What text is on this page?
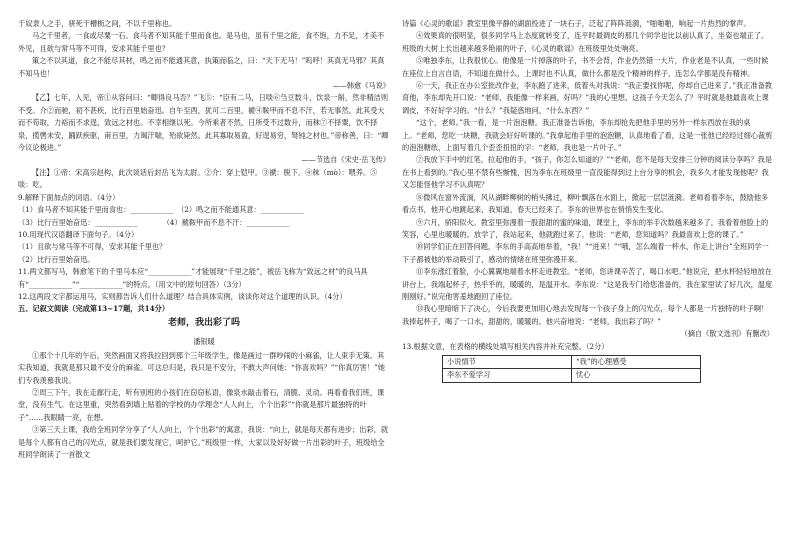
于奴隶人之手，骈死于槽枥之间，不以千里称也。

马之千里者，一食或尽粟一石。食马者不知其能千里而食也。是马也，虽有千里之能，食不饱，力不足，才美不外见，且欲与常马等不可得，安求其能千里也？

策之不以其道，食之不能尽其材，鸣之而不能通其意，执策而临之，曰：“天下无马！”呜呼！其真无马邪？其真不知马也！

——韩愈《马说》

【乙】七年，入见，帝①从容问曰：“卿得良马否？”飞⑤：“臣有二马，日啖⑥刍豆数斗，饮泉一斛，然非精洁则不受。介②而驰，初不甚疾，比行百里始奋迅。自午至酉，犹可二百里。褫④鞍甲而不息不汗，若无事然。此其受大而不苟取，力裕而不求逞，致远之材也。不幸相继以死。今所乘者不然，日所受不过数升，而秣⑦不择粟，饮不择泉，揽辔未安，踊跃疾驱，甫百里，力竭汗喘，殆欲毙然。此其寡取易盈，好逞易穷，驽钝之材也。”帝称善，曰：“卿今议论极进。”

——节选自《宋史·岳飞传》

【注】①帝：宋高宗赵构，此次谈话后封岳飞为太尉。②介：穿上铠甲。③褫：脱下。④秣（mò）：喂养。⑤啖：吃。

9.解释下面加点的词语。（4分）

（1）食马者不知其能千里而食也：____________　（2）鸣之而不能通其意：____________

（3）比行百里始奋迅：____________　　　　（4）褫鞍甲而不息不汗：____________

10.用现代汉语翻译下面句子。（4分）

（1）且欲与常马等不可得，安求其能千里也？

（2）比行百里始奋迅。

11.两文都写马，韩愈笔下的千里马本应“____________”才能展现“千里之能”，被岳飞称为“致远之材”的良马具有“____________”“____________”的特点。（用文中的原句回答）（3分）

12.这两段文字都运用马，实则都告诉人们什么道理？结合具体实例，谈谈你对这个道理的认识。（4分）

五、记叙文阅读（完成第13~17题，共14分）

老师，我出彩了吗

潘银暖

①那个十几年的午后，突然画面又将我拉回到那个三年级学生，像是画过一群吵闹的小麻雀，让人束手无策。其实我知道，我就是那只最不安分的麻雀。可这总归是，我只是不安分，不敢大声问她：“你喜欢吗？”“你真厉害！”她们专我羡慕我说。

②周三下午，我在走廊行走，听有别班的小孩们在窃窃私语，像泉水敲击着石，清脆、灵动。再看看我们班，课堂，没有生气。在这里重，突然看到墙上贴着的学校的办学理念“人人向上，个个出彩”“你就是那片最独特的叶子”……我眼睛一亮，在想。

③第三天上课，我给全班同学分享了“人人向上，个个出彩”的寓意，我说：“向上，就是每天都有进步；出彩，就是每个人都有自己的闪光点，就是我们要发现它，呵护它。”班级里一样，大家以及好好做一片出彩的叶子，班级给全班同学朗读了一首散文

诗篇《心灵的歌谣》教室里像平静的湖面投进了一块石子，泛起了阵阵涟漪，“啪啪啪，响起一片热烈的掌声。

④效果真的很明显，很多同学马上态度就转变了，连平时最调皮的那几个同学也比以前认真了，坐姿也端正了。班级的大树上长出越来越多艳丽的叶子，《心灵的歌谣》在班级里处处响亮。

⑤唯独李东，让我很忧心。他像是一片掉落的叶子，书不会背，作业仍然错一大片，作业老是不认真，一些时候在座位上自言自语，不知道在做什么，上课时也不认真，做什么都是没个精神的样子，连怎么学都是没有精神。

⑥一天，我正在办公室批改作业，李东跑了进来，低着头对我说：“我正要找你呢，你却自己进来了。”我正准备教育他，李东却先开口说：“老师，我能像一样来画，好吗？”我的心里想，这孩子今天怎么了？平时就是他最喜欢上课调皮，不好好学习的。“什么？”我疑惑地问，“什么东西？”

“这个，老师。”我一看，是一片泡泡糖。我正准备告诉他，李东却抢先把他手里的另外一样东西放在我的桌上。“老师，您吃一块糖，我就会好好听课的。”我拿起他手里的泡泡糖，认真地看了看，这是一张他已经经过细心裁剪的泡泡糖纸，上面写着几个歪歪扭扭的字：“老师，我也是一片叶子。”

⑦我放下手中的红笔，拉起他的手，“孩子，你怎么知道的？”“老师，您不是每天安排三分钟的阅读分享吗？我是在书上看到的。”我心里不禁有些惭愧，因为李东在班级里一直没能得到过上台分享的机会，我多久才能发现他呢？我又怎能怪他学习不认真呢？

⑧微风在窗外流淌，风从湖畔柳树的梢头拂过，柳叶飘落在水面上，掀起一层层涟漪。老师看着李东，鼓励他多看点书，他开心地跳起来，我知道，春天已经来了。李东的世界也在悄悄发生变化。

⑨六月，骄阳似火。教室里弥漫着一股甜甜的蜜的味道，课堂上，李东的举手次数越来越多了，我看着他脸上的笑容，心里也暖暖的。放学了，我站起来，他就跑过来了，他说：“老师，您知道吗？我最喜欢上您的课了。”

⑩同学们正在回答问题，李东的手高高地举着，“我！”“进来！”“哦，怎么端着一杯水，你走上讲台”全班同学一下子都被他的举动吸引了，感动的情绪在班里弥漫开来。

⑪李东涨红着脸，小心翼翼地端着水杯走进教室。“老师，您讲课辛苦了，喝口水吧。”他说完，把水杯轻轻地放在讲台上，我端起杯子，热乎乎的，暖暖的，是温开水。李东说：“这是我专门给您准备的，我在家里试了好几次，温度刚刚好。”说完他害羞地跑回了座位。

⑬我心里暗暗下了决心，今后我要更加用心地去发现每一个孩子身上的闪光点，每个人都是一片独特的叶子啊！我捧起杯子，喝了一口水，甜甜的，暖暖的。他兴奋地说：“老师，我出彩了吗？”

（摘自《散文选刊》有删改）

13.根据文意，在表格的横线处填写相关内容并补充完整。（2分）

小说情节	“我”的心理感受
李东不爱学习	忧心
